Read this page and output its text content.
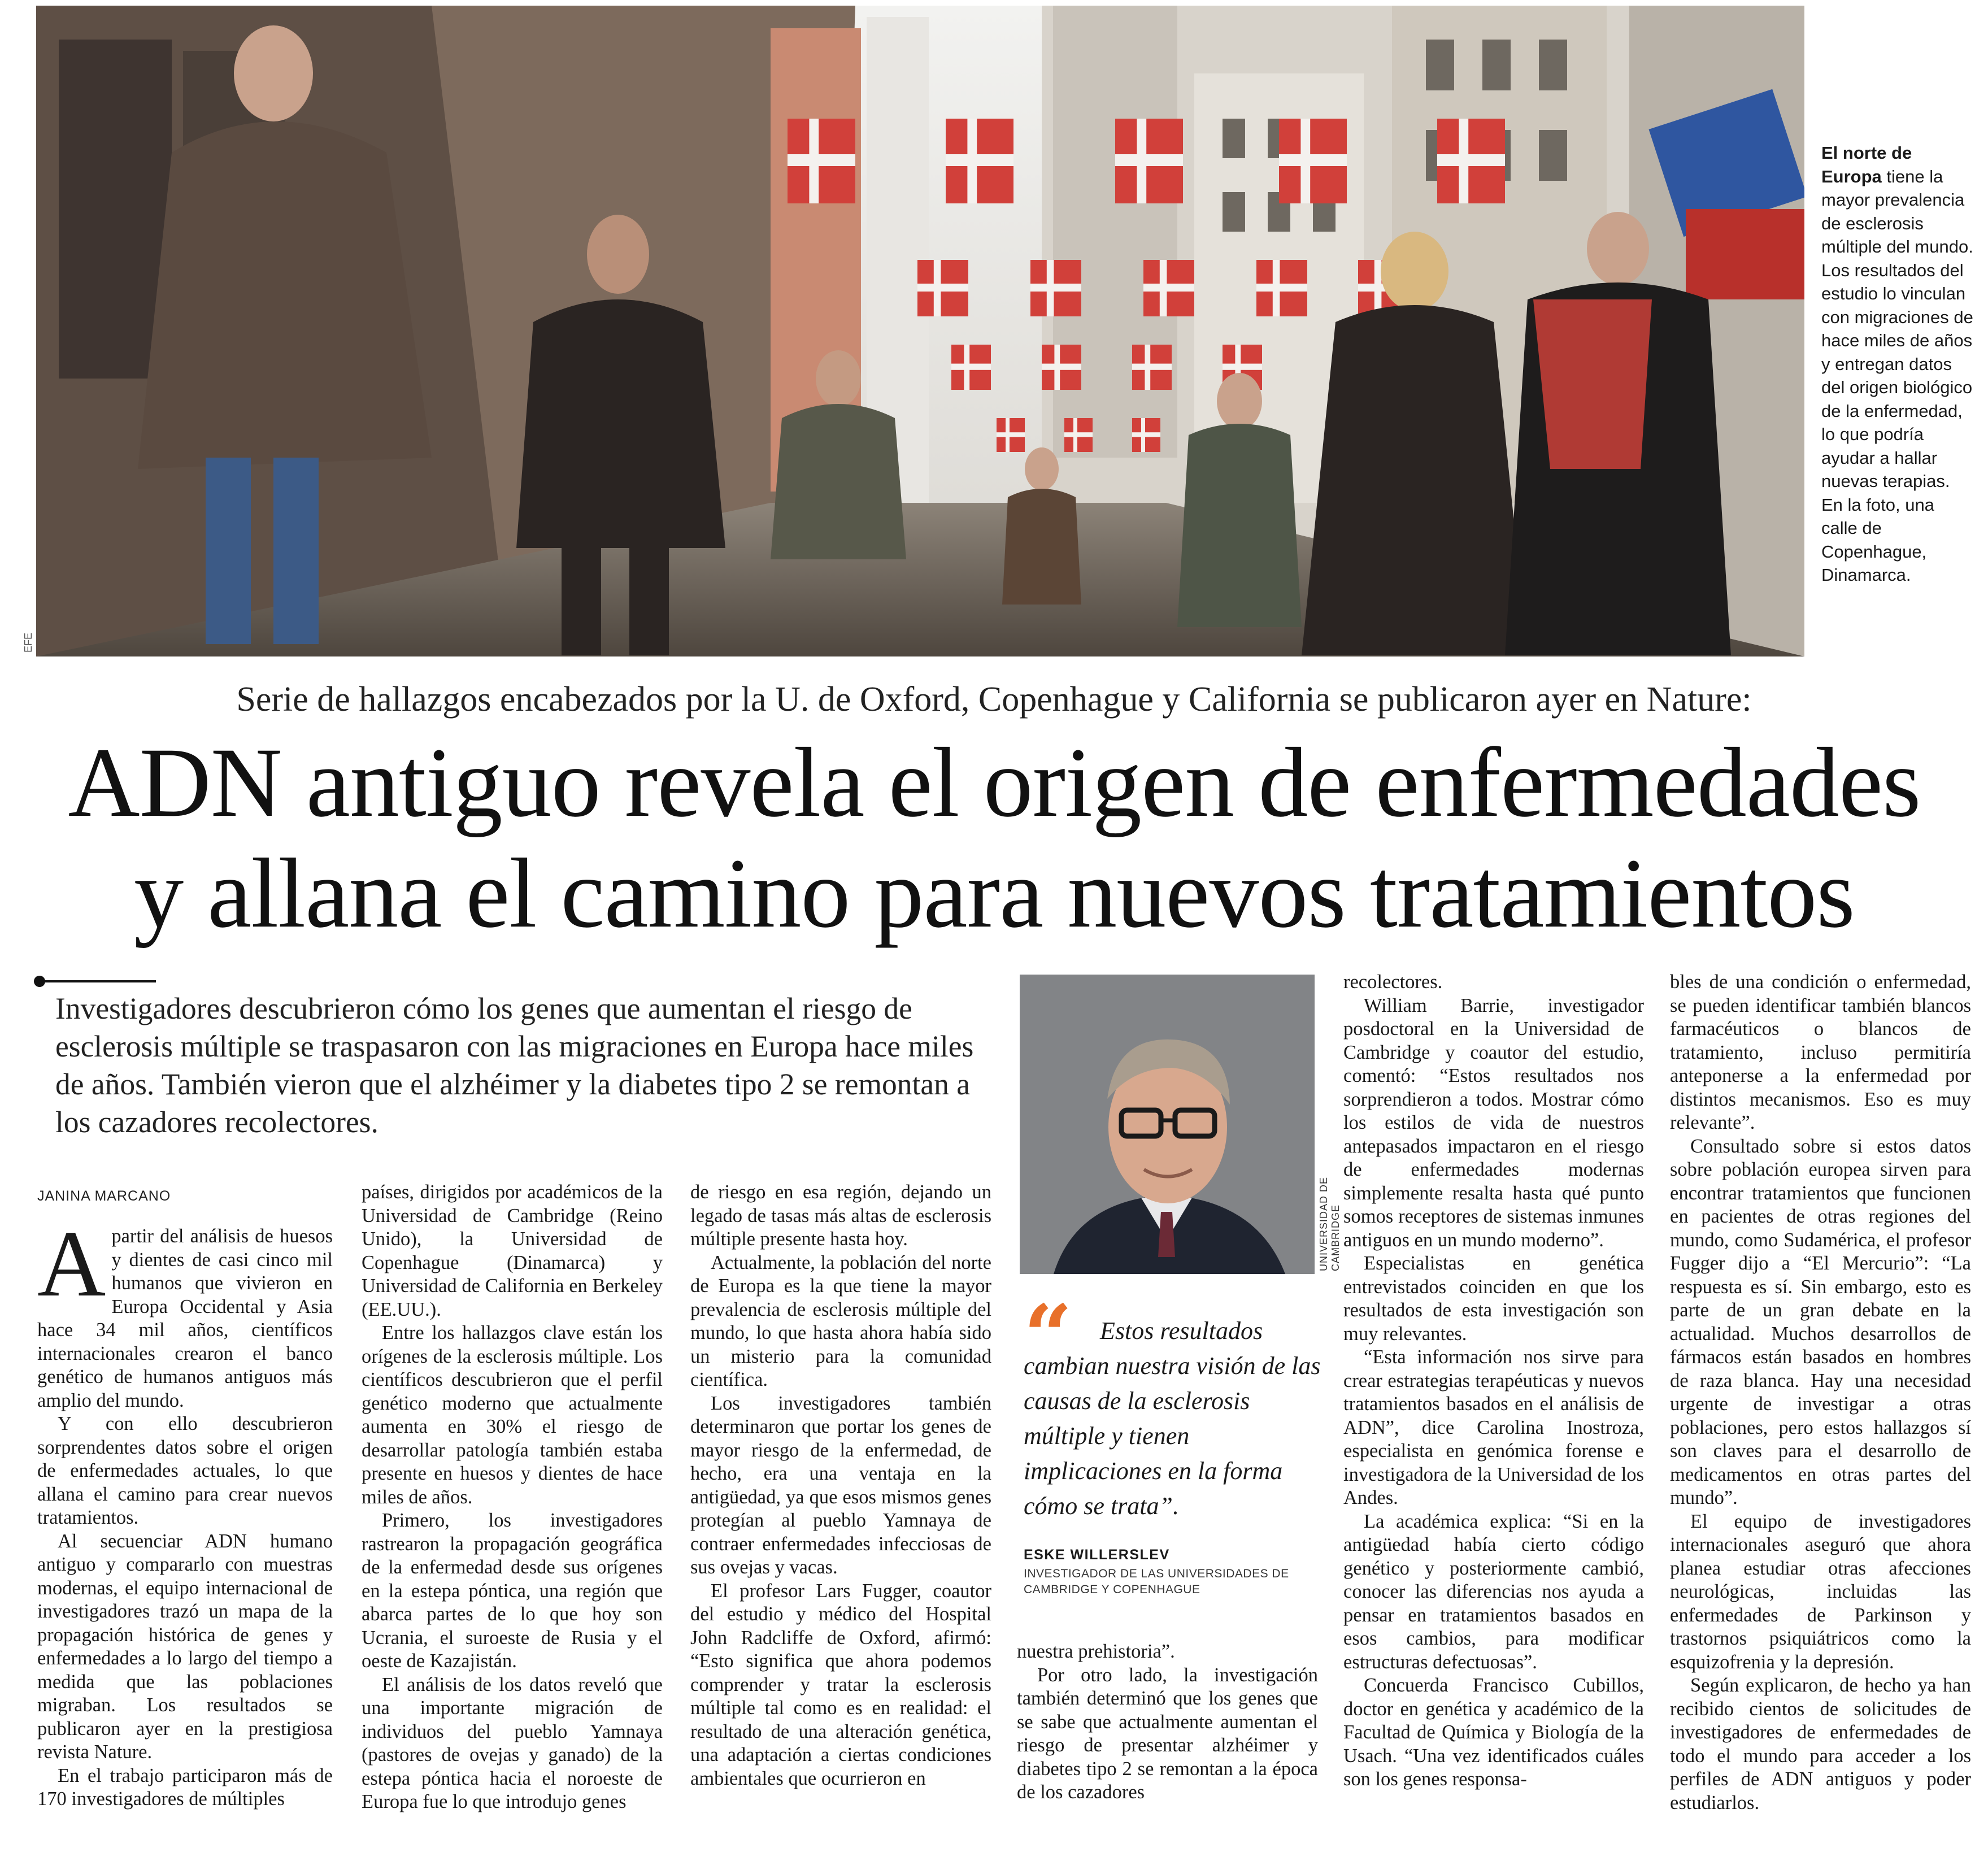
EFE
El norte de Europa tiene la mayor prevalencia de esclerosis múltiple del mundo. Los resultados del estudio lo vinculan con migraciones de hace miles de años y entregan datos del origen biológico de la enfermedad, lo que podría ayudar a hallar nuevas terapias. En la foto, una calle de Copenhague, Dinamarca.
Serie de hallazgos encabezados por la U. de Oxford, Copenhague y California se publicaron ayer en Nature:
ADN antiguo revela el origen de enfermedades
y allana el camino para nuevos tratamientos
Investigadores descubrieron cómo los genes que aumentan el riesgo de esclerosis múltiple se traspasaron con las migraciones en Europa hace miles de años. También vieron que el alzhéimer y la diabetes tipo 2 se remontan a los cazadores recolectores.
JANINA MARCANO

Apartir del análisis de huesos y dientes de casi cinco mil humanos que vivieron en Europa Occidental y Asia hace 34 mil años, científicos internacionales crearon el banco genético de humanos antiguos más amplio del mundo.

Y con ello descubrieron sorprendentes datos sobre el origen de enfermedades actuales, lo que allana el camino para crear nuevos tratamientos.

Al secuenciar ADN humano antiguo y compararlo con muestras modernas, el equipo internacional de investigadores trazó un mapa de la propagación histórica de genes y enfermedades a lo largo del tiempo a medida que las poblaciones migraban. Los resultados se publicaron ayer en la prestigiosa revista Nature.

En el trabajo participaron más de 170 investigadores de múltiples

países, dirigidos por académicos de la Universidad de Cambridge (Reino Unido), la Universidad de Copenhague (Dinamarca) y Universidad de California en Berkeley (EE.UU.).

Entre los hallazgos clave están los orígenes de la esclerosis múltiple. Los científicos descubrieron que el perfil genético moderno que actualmente aumenta en 30% el riesgo de desarrollar patología también estaba presente en huesos y dientes de hace miles de años.

Primero, los investigadores rastrearon la propagación geográfica de la enfermedad desde sus orígenes en la estepa póntica, una región que abarca partes de lo que hoy son Ucrania, el suroeste de Rusia y el oeste de Kazajistán.

El análisis de los datos reveló que una importante migración de individuos del pueblo Yamnaya (pastores de ovejas y ganado) de la estepa póntica hacia el noroeste de Europa fue lo que introdujo genes

de riesgo en esa región, dejando un legado de tasas más altas de esclerosis múltiple presente hasta hoy.

Actualmente, la población del norte de Europa es la que tiene la mayor prevalencia de esclerosis múltiple del mundo, lo que hasta ahora había sido un misterio para la comunidad científica.

Los investigadores también determinaron que portar los genes de mayor riesgo de la enfermedad, de hecho, era una ventaja en la antigüedad, ya que esos mismos genes protegían al pueblo Yamnaya de contraer enfermedades infecciosas de sus ovejas y vacas.

El profesor Lars Fugger, coautor del estudio y médico del Hospital John Radcliffe de Oxford, afirmó: “Esto significa que ahora podemos comprender y tratar la esclerosis múltiple tal como es en realidad: el resultado de una alteración genética, una adaptación a ciertas condiciones ambientales que ocurrieron en

UNIVERSIDAD DE CAMBRIDGE
“	Estos resultados cambian nuestra visión de las causas de la esclerosis múltiple y tienen implicaciones en la forma cómo se trata”.
ESKE WILLERSLEV
INVESTIGADOR DE LAS UNIVERSIDADES DE CAMBRIDGE Y COPENHAGUE

nuestra prehistoria”.

Por otro lado, la investigación también determinó que los genes que se sabe que actualmente aumentan el riesgo de presentar alzhéimer y diabetes tipo 2 se remontan a la época de los cazadores

recolectores.

William Barrie, investigador posdoctoral en la Universidad de Cambridge y coautor del estudio, comentó: “Estos resultados nos sorprendieron a todos. Mostrar cómo los estilos de vida de nuestros antepasados impactaron en el riesgo de enfermedades modernas simplemente resalta hasta qué punto somos receptores de sistemas inmunes antiguos en un mundo moderno”.

Especialistas en genética entrevistados coinciden en que los resultados de esta investigación son muy relevantes.

“Esta información nos sirve para crear estrategias terapéuticas y nuevos tratamientos basados en el análisis de ADN”, dice Carolina Inostroza, especialista en genómica forense e investigadora de la Universidad de los Andes.

La académica explica: “Si en la antigüedad había cierto código genético y posteriormente cambió, conocer las diferencias nos ayuda a pensar en tratamientos basados en esos cambios, para modificar estructuras defectuosas”.

Concuerda Francisco Cubillos, doctor en genética y académico de la Facultad de Química y Biología de la Usach. “Una vez identificados cuáles son los genes responsa-

bles de una condición o enfermedad, se pueden identificar también blancos farmacéuticos o blancos de tratamiento, incluso permitiría anteponerse a la enfermedad por distintos mecanismos. Eso es muy relevante”.

Consultado sobre si estos datos sobre población europea sirven para encontrar tratamientos que funcionen en pacientes de otras regiones del mundo, como Sudamérica, el profesor Fugger dijo a “El Mercurio”: “La respuesta es sí. Sin embargo, esto es parte de un gran debate en la actualidad. Muchos desarrollos de fármacos están basados en hombres de raza blanca. Hay una necesidad urgente de investigar a otras poblaciones, pero estos hallazgos sí son claves para el desarrollo de medicamentos en otras partes del mundo”.

El equipo de investigadores internacionales aseguró que ahora planea estudiar otras afecciones neurológicas, incluidas las enfermedades de Parkinson y trastornos psiquiátricos como la esquizofrenia y la depresión.

Según explicaron, de hecho ya han recibido cientos de solicitudes de investigadores de enfermedades de todo el mundo para acceder a los perfiles de ADN antiguos y poder estudiarlos.
